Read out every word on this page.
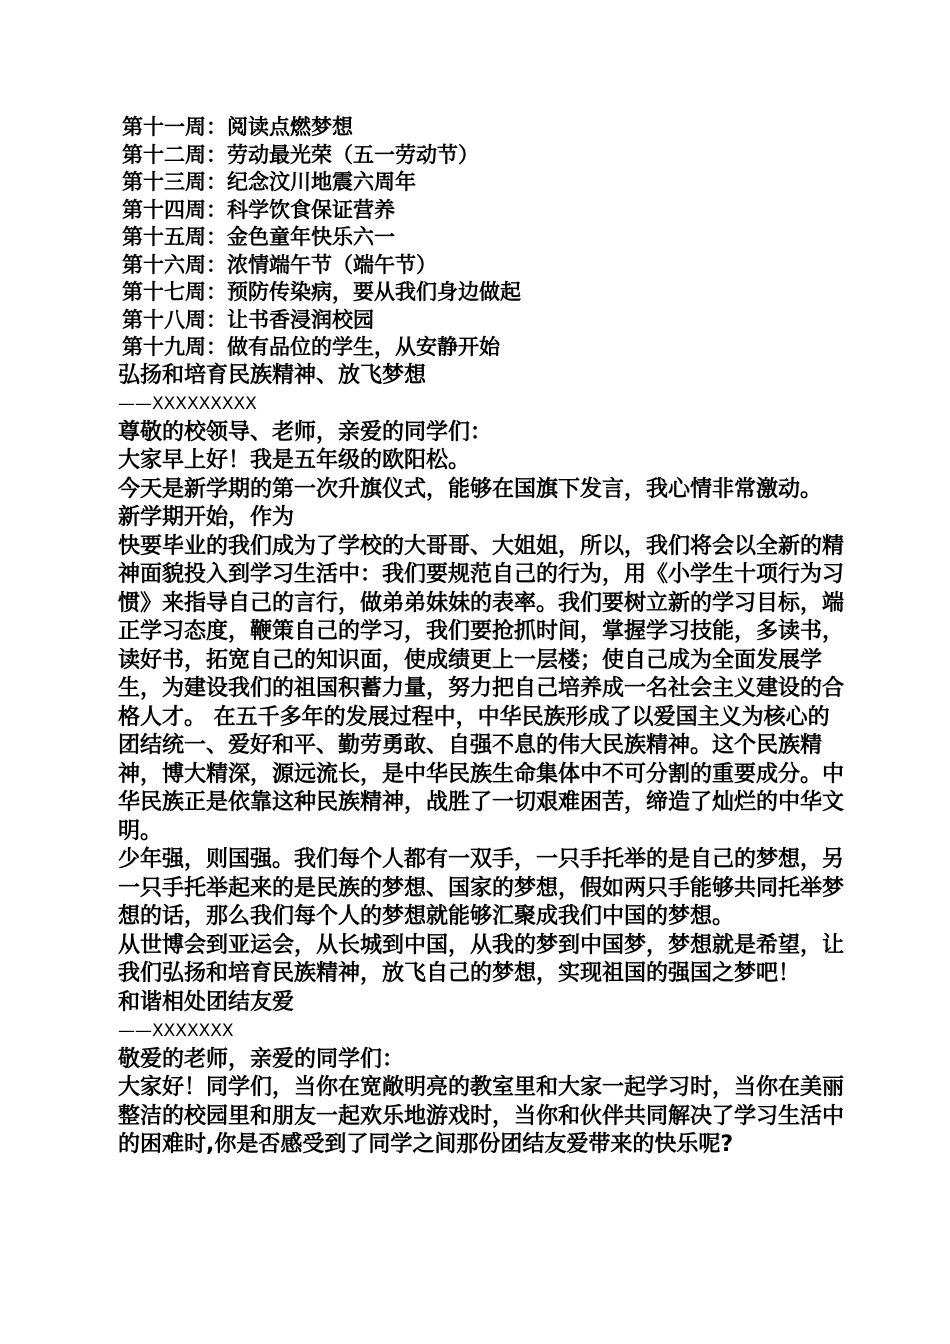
第十一周：阅读点燃梦想
第十二周：劳动最光荣（五一劳动节）
第十三周：纪念汶川地震六周年
第十四周：科学饮食保证营养
第十五周：金色童年快乐六一
第十六周：浓情端午节（端午节）
第十七周：预防传染病，要从我们身边做起
第十八周：让书香浸润校园
第十九周：做有品位的学生，从安静开始

弘扬和培育民族精神、放飞梦想

——XXXXXXXXX

尊敬的校领导、老师，亲爱的同学们：

大家早上好！我是五年级的欧阳松。

今天是新学期的第一次升旗仪式，能够在国旗下发言，我心情非常激动。 新学期开始，作为

快要毕业的我们成为了学校的大哥哥、大姐姐，所以，我们将会以全新的精神面貌投入到学习生活中：我们要规范自己的行为，用《小学生十项行为习惯》来指导自己的言行，做弟弟妹妹的表率。我们要树立新的学习目标，端正学习态度，鞭策自己的学习，我们要抢抓时间，掌握学习技能，多读书，读好书，拓宽自己的知识面，使成绩更上一层楼；使自己成为全面发展学生，为建设我们的祖国积蓄力量，努力把自己培养成一名社会主义建设的合格人才。 在五千多年的发展过程中，中华民族形成了以爱国主义为核心的团结统一、爱好和平、勤劳勇敢、自强不息的伟大民族精神。这个民族精神，博大精深，源远流长，是中华民族生命集体中不可分割的重要成分。中华民族正是依靠这种民族精神，战胜了一切艰难困苦，缔造了灿烂的中华文明。

少年强，则国强。我们每个人都有一双手，一只手托举的是自己的梦想，另一只手托举起来的是民族的梦想、国家的梦想，假如两只手能够共同托举梦想的话，那么我们每个人的梦想就能够汇聚成我们中国的梦想。

从世博会到亚运会，从长城到中国，从我的梦到中国梦，梦想就是希望，让我们弘扬和培育民族精神，放飞自己的梦想，实现祖国的强国之梦吧！

和谐相处团结友爱

——XXXXXXX

敬爱的老师，亲爱的同学们：

大家好！同学们，当你在宽敞明亮的教室里和大家一起学习时，当你在美丽整洁的校园里和朋友一起欢乐地游戏时，当你和伙伴共同解决了学习生活中的困难时,你是否感受到了同学之间那份团结友爱带来的快乐呢?
